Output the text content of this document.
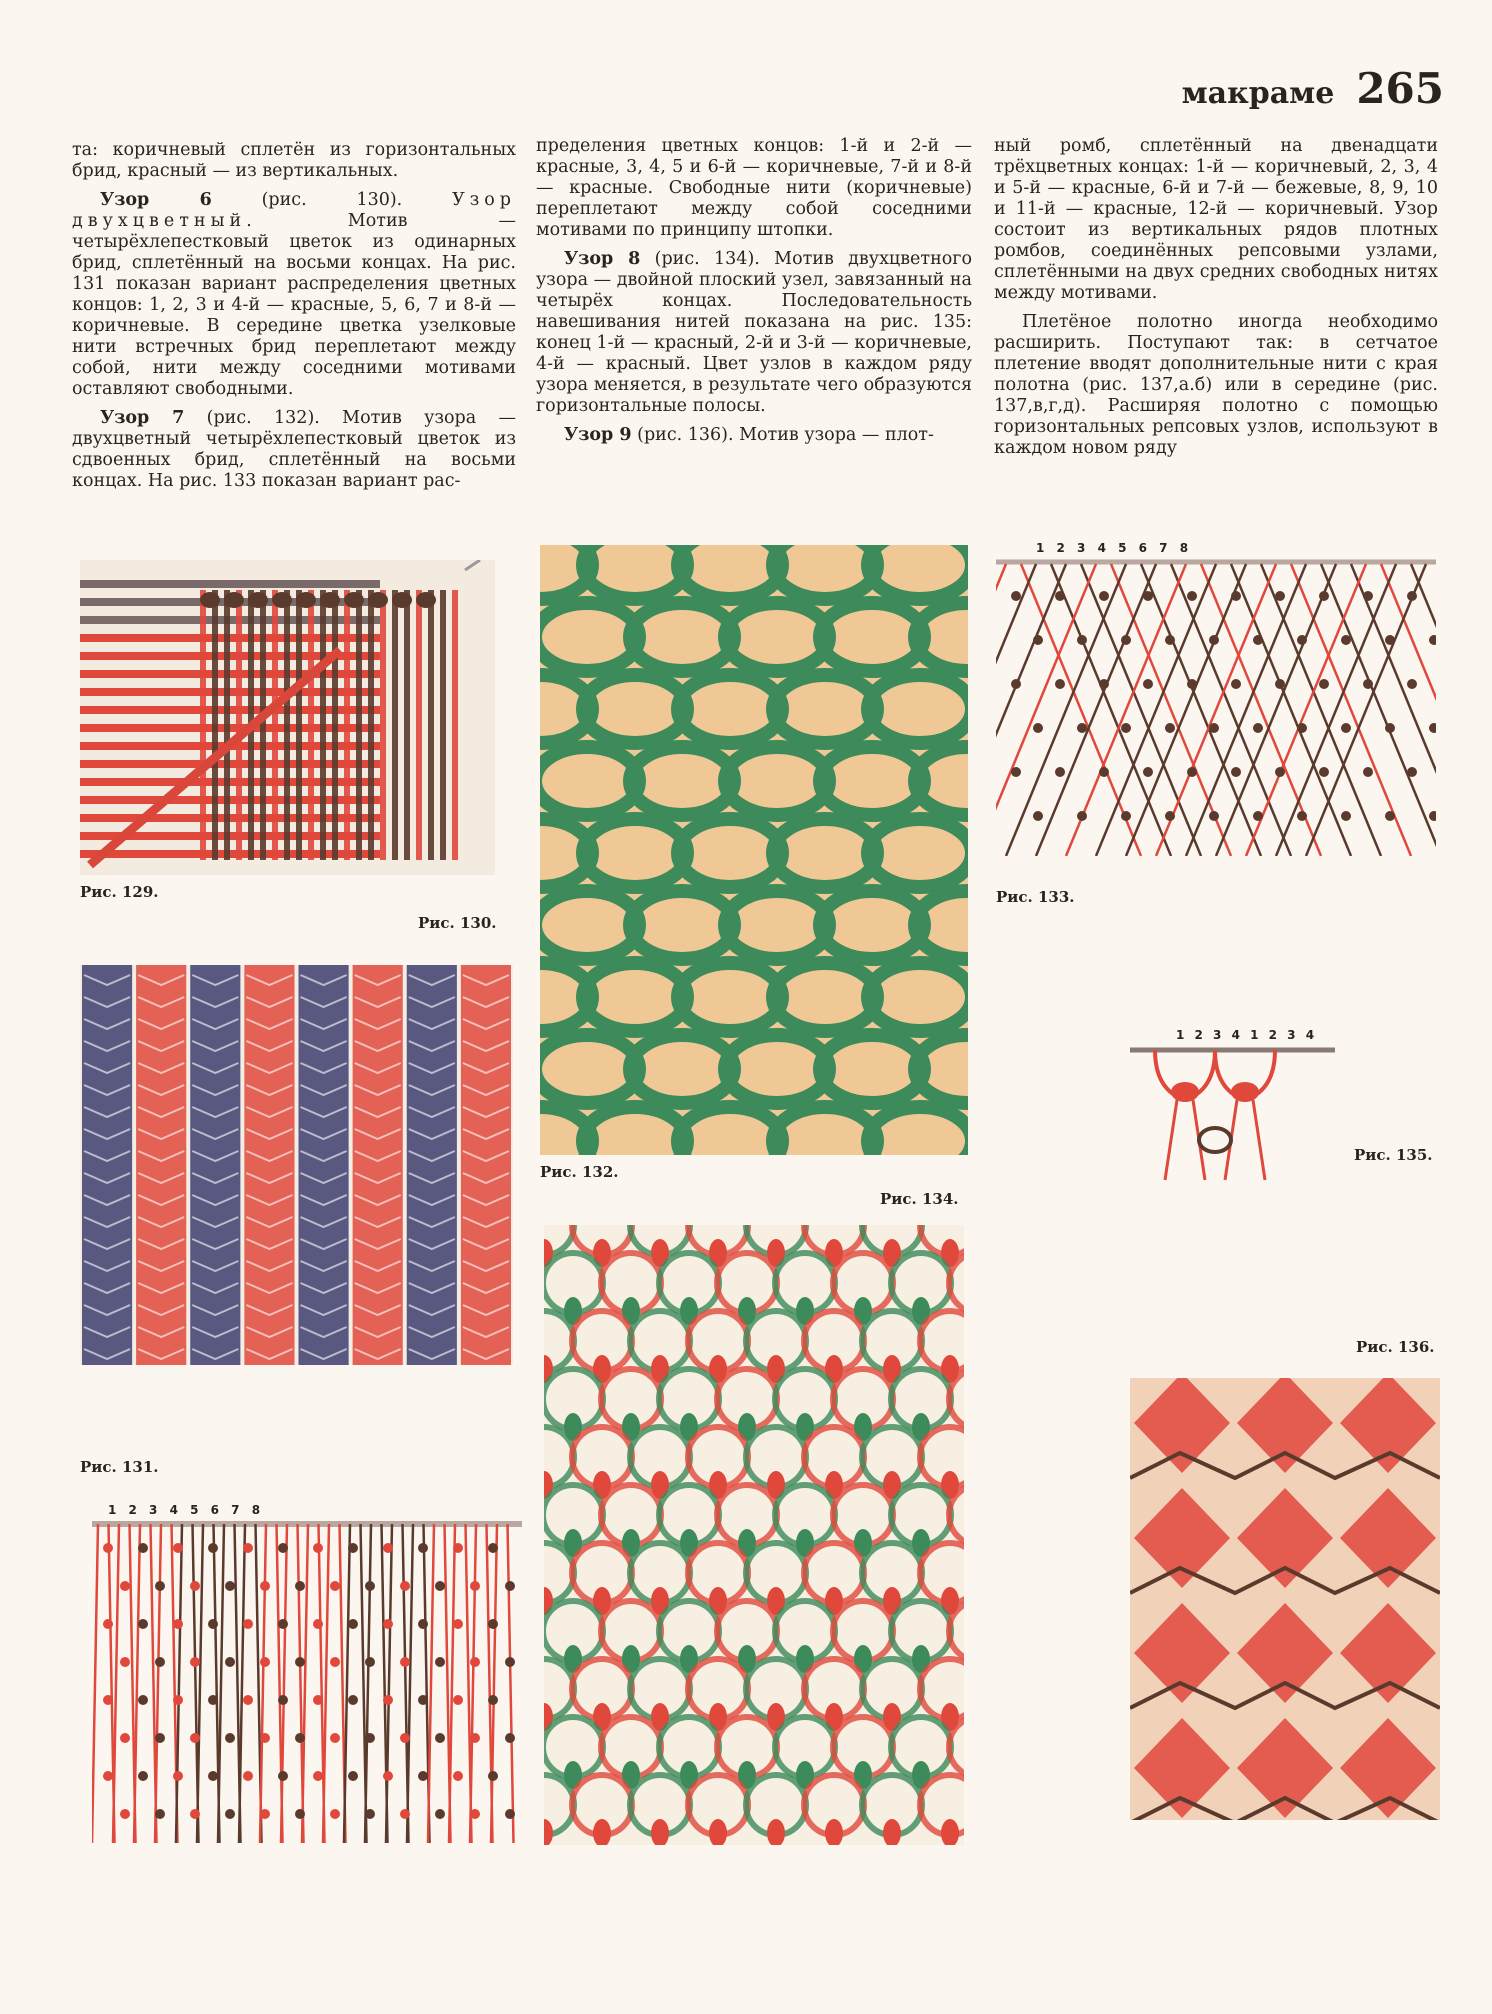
макраме 265

та: коричневый сплетён из горизонтальных брид, красный — из вертикальных.

Узор 6 (рис. 130). Узор двухцветный. Мотив — четырёхлепестковый цветок из одинарных брид, сплетённый на восьми концах. На рис. 131 показан вариант распределения цветных концов: 1, 2, 3 и 4-й — красные, 5, 6, 7 и 8-й — коричневые. В середине цветка узелковые нити встречных брид переплетают между собой, нити между соседними мотивами оставляют свободными.

Узор 7 (рис. 132). Мотив узора — двухцветный четырёхлепестковый цветок из сдвоенных брид, сплетённый на восьми концах. На рис. 133 показан вариант рас-

пределения цветных концов: 1-й и 2-й — красные, 3, 4, 5 и 6-й — коричневые, 7-й и 8-й — красные. Свободные нити (коричневые) переплетают между собой соседними мотивами по принципу штопки.

Узор 8 (рис. 134). Мотив двухцветного узора — двойной плоский узел, завязанный на четырёх концах. Последовательность навешивания нитей показана на рис. 135: конец 1-й — красный, 2-й и 3-й — коричневые, 4-й — красный. Цвет узлов в каждом ряду узора меняется, в результате чего образуются горизонтальные полосы.

Узор 9 (рис. 136). Мотив узора — плот-

ный ромб, сплетённый на двенадцати трёхцветных концах: 1-й — коричневый, 2, 3, 4 и 5-й — красные, 6-й и 7-й — бежевые, 8, 9, 10 и 11-й — красные, 12-й — коричневый. Узор состоит из вертикальных рядов плотных ромбов, соединённых репсовыми узлами, сплетёнными на двух средних свободных нитях между мотивами.

Плетёное полотно иногда необходимо расширить. Поступают так: в сетчатое плетение вводят дополнительные нити с края полотна (рис. 137,а.б) или в середине (рис. 137,в,г,д). Расширяя полотно с помощью горизонтальных репсовых узлов, используют в каждом новом ряду

Рис. 129.
Рис. 130.
Рис. 131.
1 2 3 4 5 6 7 8
Рис. 132.
Рис. 134.
1 2 3 4 5 6 7 8
Рис. 133.
1 2 3 4 1 2 3 4
Рис. 135.
Рис. 136.
